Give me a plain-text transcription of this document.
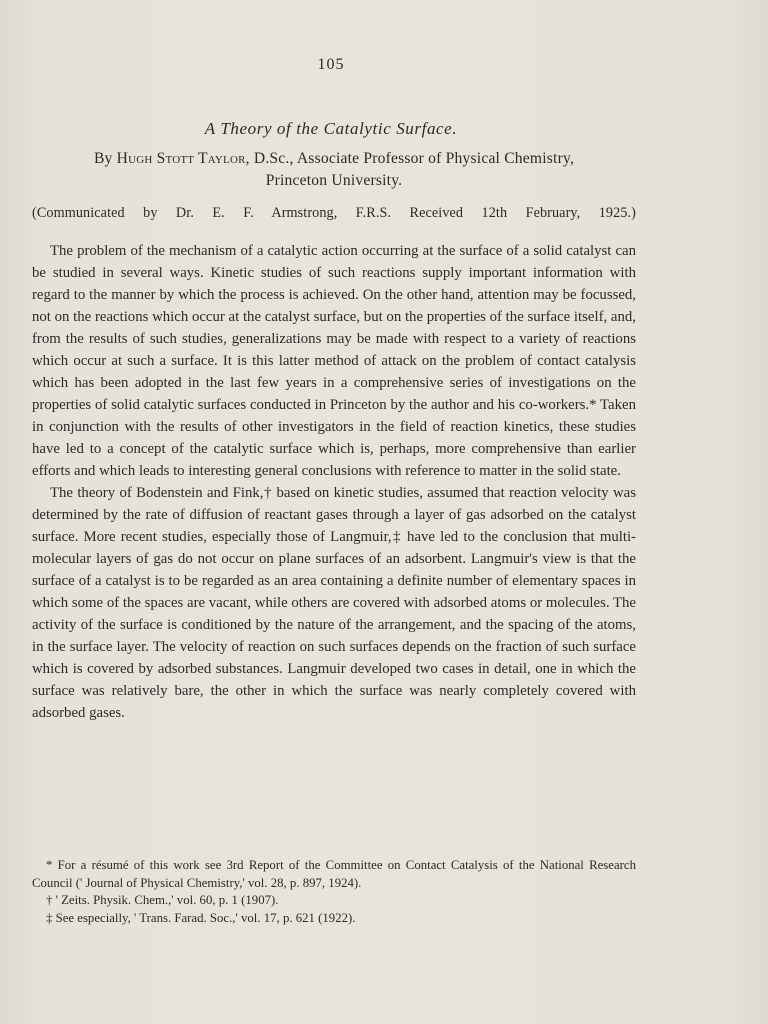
105
A Theory of the Catalytic Surface.
By Hugh Stott Taylor, D.Sc., Associate Professor of Physical Chemistry,
Princeton University.
(Communicated by Dr. E. F. Armstrong, F.R.S. Received 12th February, 1925.)

The problem of the mechanism of a catalytic action occurring at the surface of a solid catalyst can be studied in several ways. Kinetic studies of such reactions supply important information with regard to the manner by which the process is achieved. On the other hand, attention may be focussed, not on the reactions which occur at the catalyst surface, but on the properties of the surface itself, and, from the results of such studies, generalizations may be made with respect to a variety of reactions which occur at such a surface. It is this latter method of attack on the problem of contact catalysis which has been adopted in the last few years in a comprehensive series of investigations on the properties of solid catalytic surfaces conducted in Princeton by the author and his co-workers.* Taken in conjunction with the results of other investigators in the field of reaction kinetics, these studies have led to a concept of the catalytic surface which is, perhaps, more comprehensive than earlier efforts and which leads to interesting general conclusions with reference to matter in the solid state.

The theory of Bodenstein and Fink,† based on kinetic studies, assumed that reaction velocity was determined by the rate of diffusion of reactant gases through a layer of gas adsorbed on the catalyst surface. More recent studies, especially those of Langmuir,‡ have led to the conclusion that multi-molecular layers of gas do not occur on plane surfaces of an adsorbent. Langmuir's view is that the surface of a catalyst is to be regarded as an area containing a definite number of elementary spaces in which some of the spaces are vacant, while others are covered with adsorbed atoms or molecules. The activity of the surface is conditioned by the nature of the arrangement, and the spacing of the atoms, in the surface layer. The velocity of reaction on such surfaces depends on the fraction of such surface which is covered by adsorbed substances. Langmuir developed two cases in detail, one in which the surface was relatively bare, the other in which the surface was nearly completely covered with adsorbed gases.

* For a résumé of this work see 3rd Report of the Committee on Contact Catalysis of the National Research Council (' Journal of Physical Chemistry,' vol. 28, p. 897, 1924).

† ' Zeits. Physik. Chem.,' vol. 60, p. 1 (1907).

‡ See especially, ' Trans. Farad. Soc.,' vol. 17, p. 621 (1922).
